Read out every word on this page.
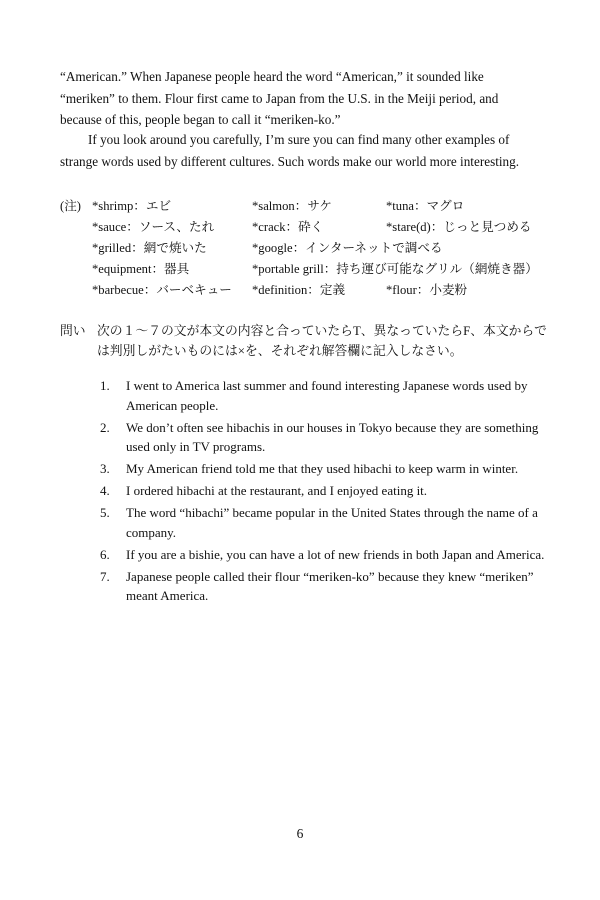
“American.” When Japanese people heard the word “American,” it sounded like “meriken” to them. Flour first came to Japan from the U.S. in the Meiji period, and because of this, people began to call it “meriken-ko.”

If you look around you carefully, I’m sure you can find many other examples of strange words used by different cultures. Such words make our world more interesting.

(注) *shrimp：エビ	*salmon：サケ	*tuna：マグロ
*sauce：ソース、たれ	*crack：砕く	*stare(d)：じっと見つめる
*grilled：網で焼いた	*google：インターネットで調べる
*equipment：器具	*portable grill：持ち運び可能なグリル（網焼き器）
*barbecue：バーベキュー *definition：定義	*flour：小麦粉
問い 次の１～７の文が本文の内容と合っていたらT、異なっていたらF、本文からでは判別しがたいものには×を、それぞれ解答欄に記入しなさい。
1. I went to America last summer and found interesting Japanese words used by American people.
2. We don’t often see hibachis in our houses in Tokyo because they are something used only in TV programs.
3. My American friend told me that they used hibachi to keep warm in winter.
4. I ordered hibachi at the restaurant, and I enjoyed eating it.
5. The word “hibachi” became popular in the United States through the name of a company.
6. If you are a bishie, you can have a lot of new friends in both Japan and America.
7. Japanese people called their flour “meriken-ko” because they knew “meriken” meant America.
6
